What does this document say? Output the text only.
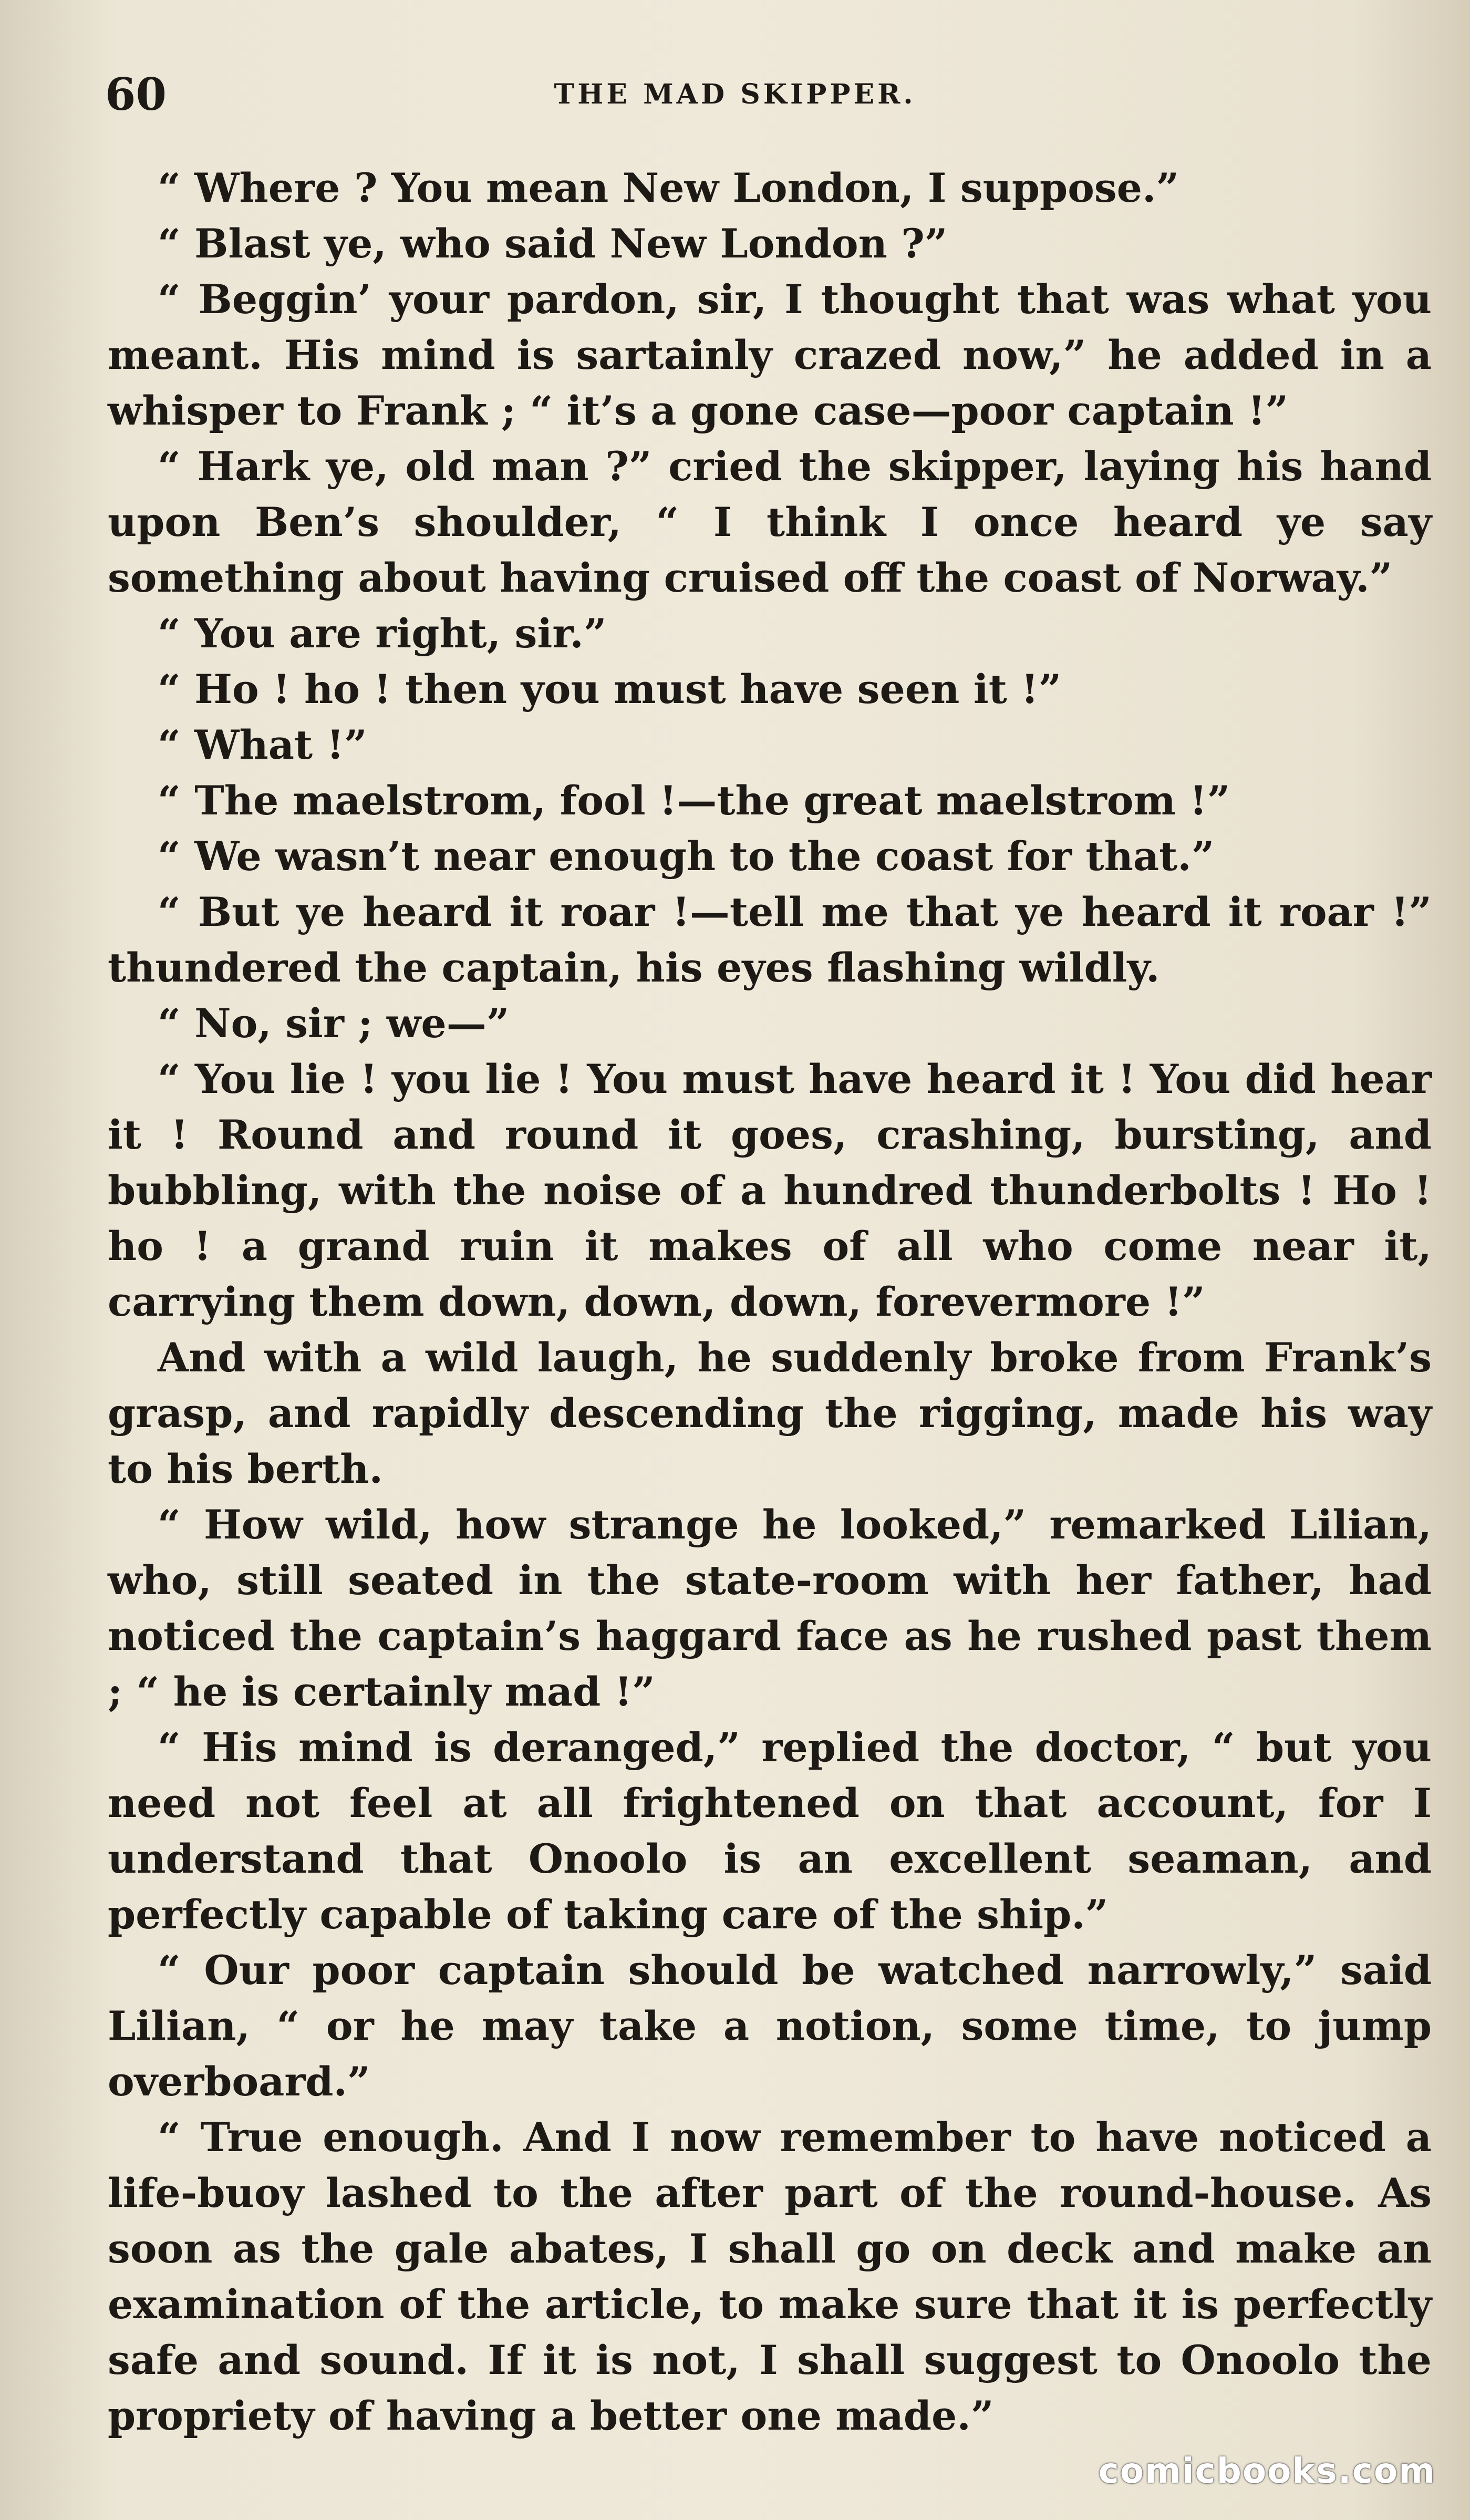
60	THE MAD SKIPPER.

“ Where ? You mean New London, I suppose.”

“ Blast ye, who said New London ?”

“ Beggin’ your pardon, sir, I thought that was what you meant. His mind is sartainly crazed now,” he added in a whisper to Frank ; “ it’s a gone case—poor captain !”

“ Hark ye, old man ?” cried the skipper, laying his hand upon Ben’s shoulder, “ I think I once heard ye say something about having cruised off the coast of Norway.”

“ You are right, sir.”

“ Ho ! ho ! then you must have seen it !”

“ What !”

“ The maelstrom, fool !—the great maelstrom !”

“ We wasn’t near enough to the coast for that.”

“ But ye heard it roar !—tell me that ye heard it roar !” thundered the captain, his eyes flashing wildly.

“ No, sir ; we—”

“ You lie ! you lie ! You must have heard it ! You did hear it ! Round and round it goes, crashing, bursting, and bubbling, with the noise of a hundred thunderbolts ! Ho ! ho ! a grand ruin it makes of all who come near it, carrying them down, down, down, forevermore !”

And with a wild laugh, he suddenly broke from Frank’s grasp, and rapidly descending the rigging, made his way to his berth.

“ How wild, how strange he looked,” remarked Lilian, who, still seated in the state-room with her father, had noticed the captain’s haggard face as he rushed past them ; “ he is certainly mad !”

“ His mind is deranged,” replied the doctor, “ but you need not feel at all frightened on that account, for I understand that Onoolo is an excellent seaman, and perfectly capable of taking care of the ship.”

“ Our poor captain should be watched narrowly,” said Lilian, “ or he may take a notion, some time, to jump overboard.”

“ True enough. And I now remember to have noticed a life-buoy lashed to the after part of the round-house. As soon as the gale abates, I shall go on deck and make an examination of the article, to make sure that it is perfectly safe and sound. If it is not, I shall suggest to Onoolo the propriety of having a better one made.”

comicbooks.com
